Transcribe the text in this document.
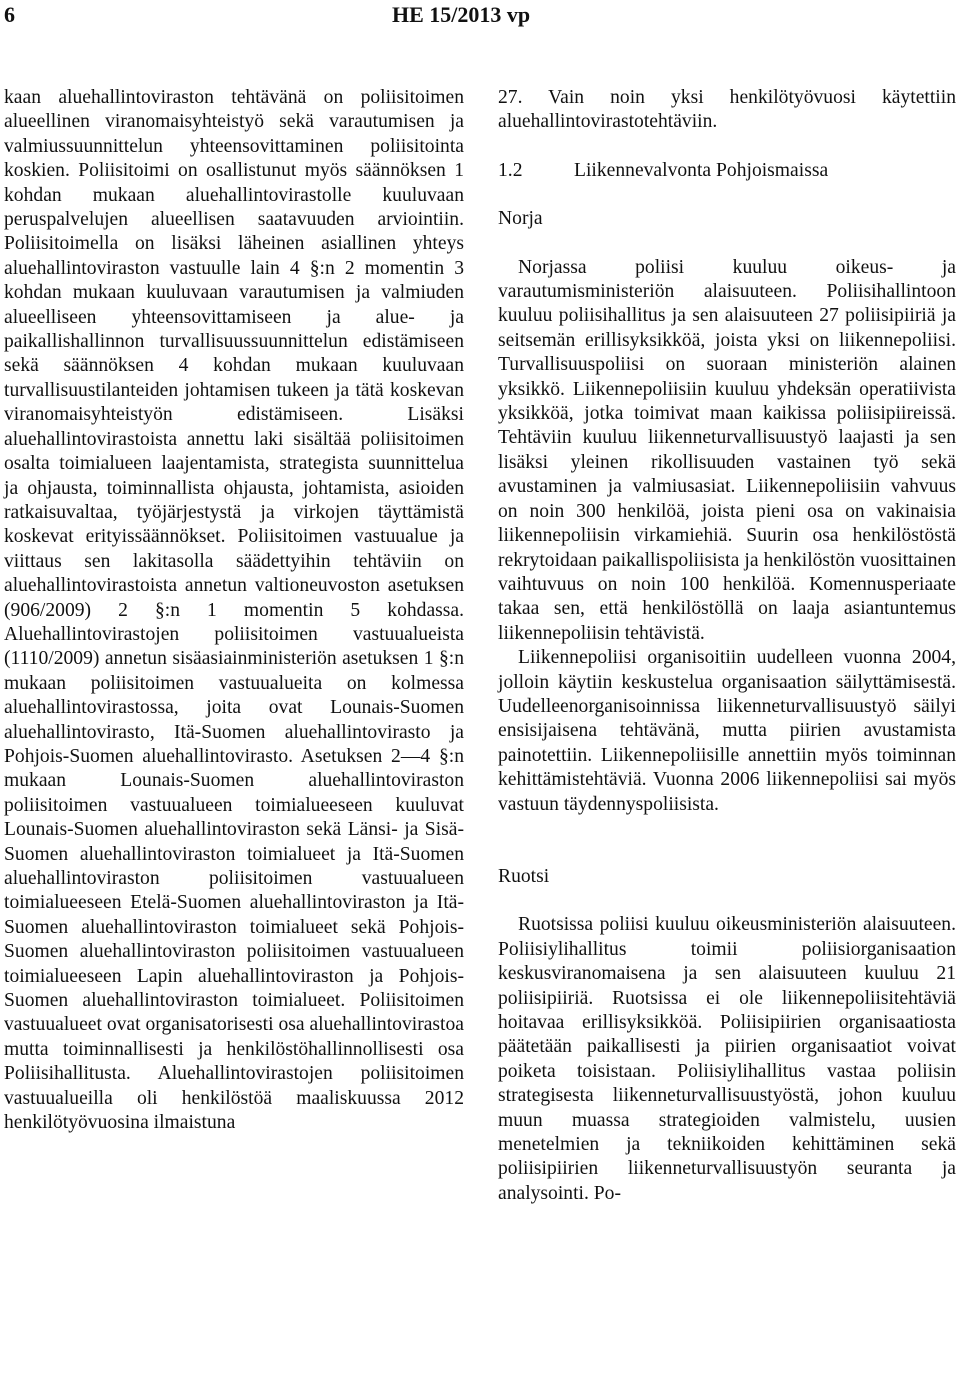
6	HE 15/2013 vp

kaan aluehallintoviraston tehtävänä on poliisitoimen alueellinen viranomaisyhteistyö sekä varautumisen ja valmiussuunnittelun yhteensovittaminen poliisitointa koskien. Poliisitoimi on osallistunut myös säännöksen 1 kohdan mukaan aluehallintovirastolle kuuluvaan peruspalvelujen alueellisen saatavuuden arviointiin. Poliisitoimella on lisäksi läheinen asiallinen yhteys aluehallintoviraston vastuulle lain 4 §:n 2 momentin 3 kohdan mukaan kuuluvaan varautumisen ja valmiuden alueelliseen yhteensovittamiseen ja alue- ja paikallishallinnon turvallisuussuunnittelun edistämiseen sekä säännöksen 4 kohdan mukaan kuuluvaan turvallisuustilanteiden johtamisen tukeen ja tätä koskevan viranomaisyhteistyön edistämiseen. Lisäksi aluehallintovirastoista annettu laki sisältää poliisitoimen osalta toimialueen laajentamista, strategista suunnittelua ja ohjausta, toiminnallista ohjausta, johtamista, asioiden ratkaisuvaltaa, työjärjestystä ja virkojen täyttämistä koskevat erityissäännökset. Poliisitoimen vastuualue ja viittaus sen lakitasolla säädettyihin tehtäviin on aluehallintovirastoista annetun valtioneuvoston asetuksen (906/2009) 2 §:n 1 momentin 5 kohdassa. Aluehallintovirastojen poliisitoimen vastuualueista (1110/2009) annetun sisäasiainministeriön asetuksen 1 §:n mukaan poliisitoimen vastuualueita on kolmessa aluehallintovirastossa, joita ovat Lounais-Suomen aluehallintovirasto, Itä-Suomen aluehallintovirasto ja Pohjois-Suomen aluehallintovirasto. Asetuksen 2—4 §:n mukaan Lounais-Suomen aluehallintoviraston poliisitoimen vastuualueen toimialueeseen kuuluvat Lounais-Suomen aluehallintoviraston sekä Länsi- ja Sisä-Suomen aluehallintoviraston toimialueet ja Itä-Suomen aluehallintoviraston poliisitoimen vastuualueen toimialueeseen Etelä-Suomen aluehallintoviraston ja Itä-Suomen aluehallintoviraston toimialueet sekä Pohjois-Suomen aluehallintoviraston poliisitoimen vastuualueen toimialueeseen Lapin aluehallintoviraston ja Pohjois-Suomen aluehallintoviraston toimialueet. Poliisitoimen vastuualueet ovat organisatorisesti osa aluehallintovirastoa mutta toiminnallisesti ja henkilöstöhallinnollisesti osa Poliisihallitusta. Aluehallintovirastojen poliisitoimen vastuualueilla oli henkilöstöä maaliskuussa 2012 henkilötyövuosina ilmaistuna

27. Vain noin yksi henkilötyövuosi käytettiin aluehallintovirastotehtäviin.

1.2	Liikennevalvonta Pohjoismaissa
Norja

Norjassa poliisi kuuluu oikeus- ja varautumisministeriön alaisuuteen. Poliisihallintoon kuuluu poliisihallitus ja sen alaisuuteen 27 poliisipiiriä ja seitsemän erillisyksikköä, joista yksi on liikennepoliisi. Turvallisuuspoliisi on suoraan ministeriön alainen yksikkö. Liikennepoliisiin kuuluu yhdeksän operatiivista yksikköä, jotka toimivat maan kaikissa poliisipiireissä. Tehtäviin kuuluu liikenneturvallisuustyö laajasti ja sen lisäksi yleinen rikollisuuden vastainen työ sekä avustaminen ja valmiusasiat. Liikennepoliisiin vahvuus on noin 300 henkilöä, joista pieni osa on vakinaisia liikennepoliisin virkamiehiä. Suurin osa henkilöstöstä rekrytoidaan paikallispoliisista ja henkilöstön vuosittainen vaihtuvuus on noin 100 henkilöä. Komennusperiaate takaa sen, että henkilöstöllä on laaja asiantuntemus liikennepoliisin tehtävistä.

Liikennepoliisi organisoitiin uudelleen vuonna 2004, jolloin käytiin keskustelua organisaation säilyttämisestä. Uudelleenorganisoinnissa liikenneturvallisuustyö säilyi ensisijaisena tehtävänä, mutta piirien avustamista painotettiin. Liikennepoliisille annettiin myös toiminnan kehittämistehtäviä. Vuonna 2006 liikennepoliisi sai myös vastuun täydennyspoliisista.

Ruotsi

Ruotsissa poliisi kuuluu oikeusministeriön alaisuuteen. Poliisiylihallitus toimii poliisiorganisaation keskusviranomaisena ja sen alaisuuteen kuuluu 21 poliisipiiriä. Ruotsissa ei ole liikennepoliisitehtäviä hoitavaa erillisyksikköä. Poliisipiirien organisaatiosta päätetään paikallisesti ja piirien organisaatiot voivat poiketa toisistaan. Poliisiylihallitus vastaa poliisin strategisesta liikenneturvallisuustyöstä, johon kuuluu muun muassa strategioiden valmistelu, uusien menetelmien ja tekniikoiden kehittäminen sekä poliisipiirien liikenneturvallisuustyön seuranta ja analysointi. Po-
